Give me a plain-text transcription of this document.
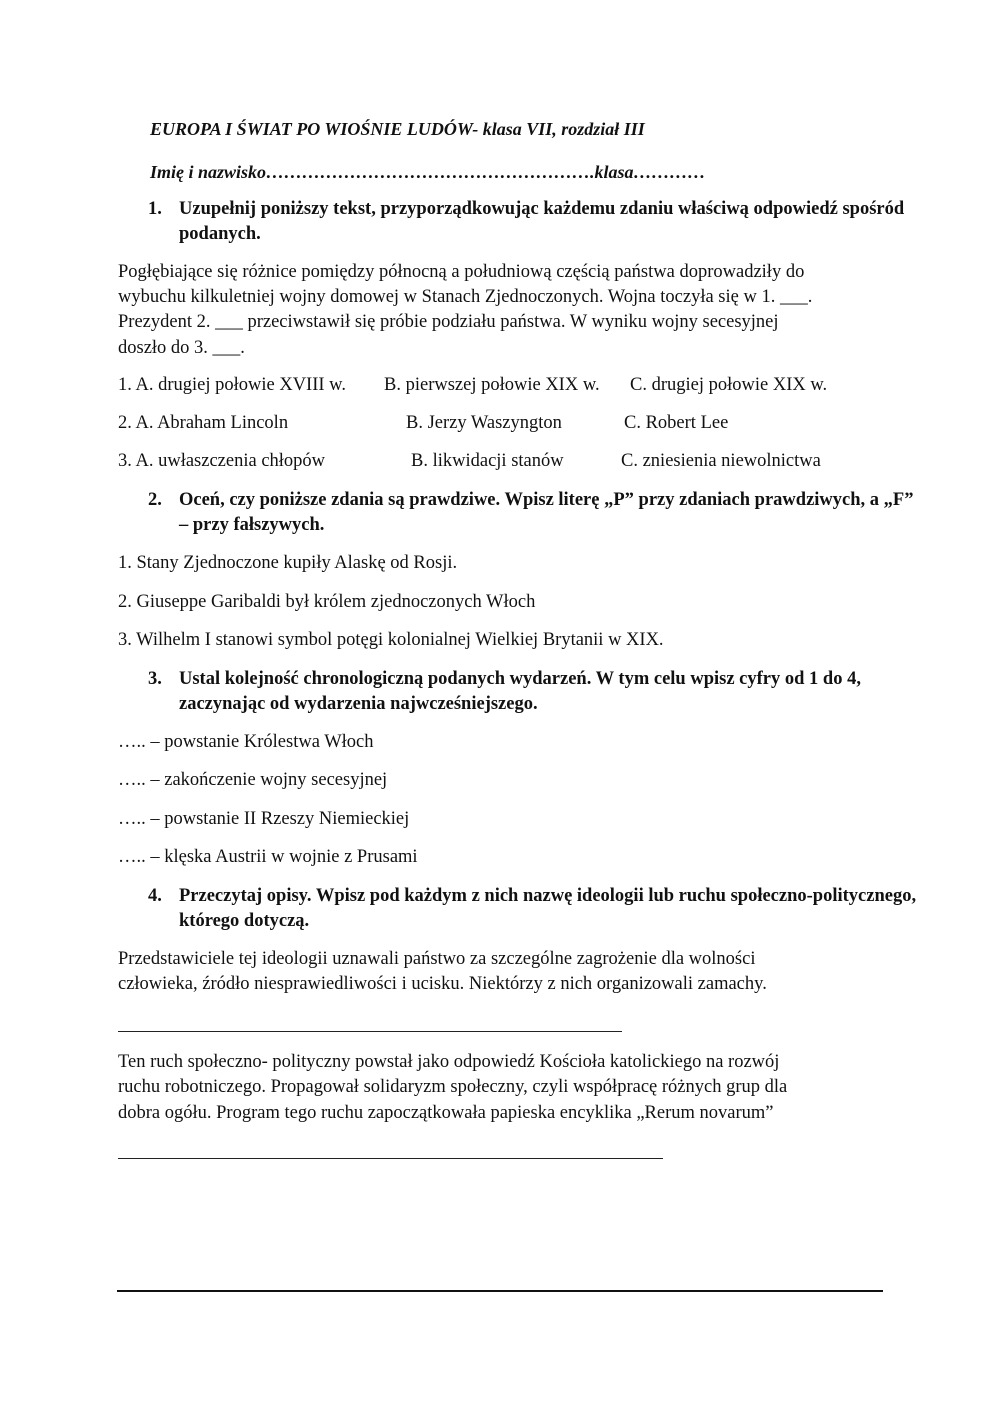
EUROPA I ŚWIAT PO WIOŚNIE LUDÓW- klasa VII, rozdział III
Imię i nazwisko……………………………………………….klasa…………
1. Uzupełnij poniższy tekst, przyporządkowując każdemu zdaniu właściwą odpowiedź spośród podanych.
Pogłębiające się różnice pomiędzy północną a południową częścią państwa doprowadziły do
wybuchu kilkuletniej wojny domowej w Stanach Zjednoczonych. Wojna toczyła się w 1. ___.
Prezydent 2. ___ przeciwstawił się próbie podziału państwa. W wyniku wojny secesyjnej
doszło do 3. ___.
1. A. drugiej połowie XVIII w. B. pierwszej połowie XIX w. C. drugiej połowie XIX w.
2. A. Abraham Lincoln	B. Jerzy Waszyngton	C. Robert Lee
3. A. uwłaszczenia chłopów	B. likwidacji stanów	C. zniesienia niewolnictwa
2. Oceń, czy poniższe zdania są prawdziwe. Wpisz literę „P” przy zdaniach prawdziwych, a „F” – przy fałszywych.
1. Stany Zjednoczone kupiły Alaskę od Rosji.
2. Giuseppe Garibaldi był królem zjednoczonych Włoch
3. Wilhelm I stanowi symbol potęgi kolonialnej Wielkiej Brytanii w XIX.
3. Ustal kolejność chronologiczną podanych wydarzeń. W tym celu wpisz cyfry od 1 do 4, zaczynając od wydarzenia najwcześniejszego.
….. – powstanie Królestwa Włoch
….. – zakończenie wojny secesyjnej
….. – powstanie II Rzeszy Niemieckiej
….. – klęska Austrii w wojnie z Prusami
4. Przeczytaj opisy. Wpisz pod każdym z nich nazwę ideologii lub ruchu społeczno-politycznego, którego dotyczą.
Przedstawiciele tej ideologii uznawali państwo za szczególne zagrożenie dla wolności
człowieka, źródło niesprawiedliwości i ucisku. Niektórzy z nich organizowali zamachy.
Ten ruch społeczno- polityczny powstał jako odpowiedź Kościoła katolickiego na rozwój
ruchu robotniczego. Propagował solidaryzm społeczny, czyli współpracę różnych grup dla
dobra ogółu. Program tego ruchu zapoczątkowała papieska encyklika „Rerum novarum”
